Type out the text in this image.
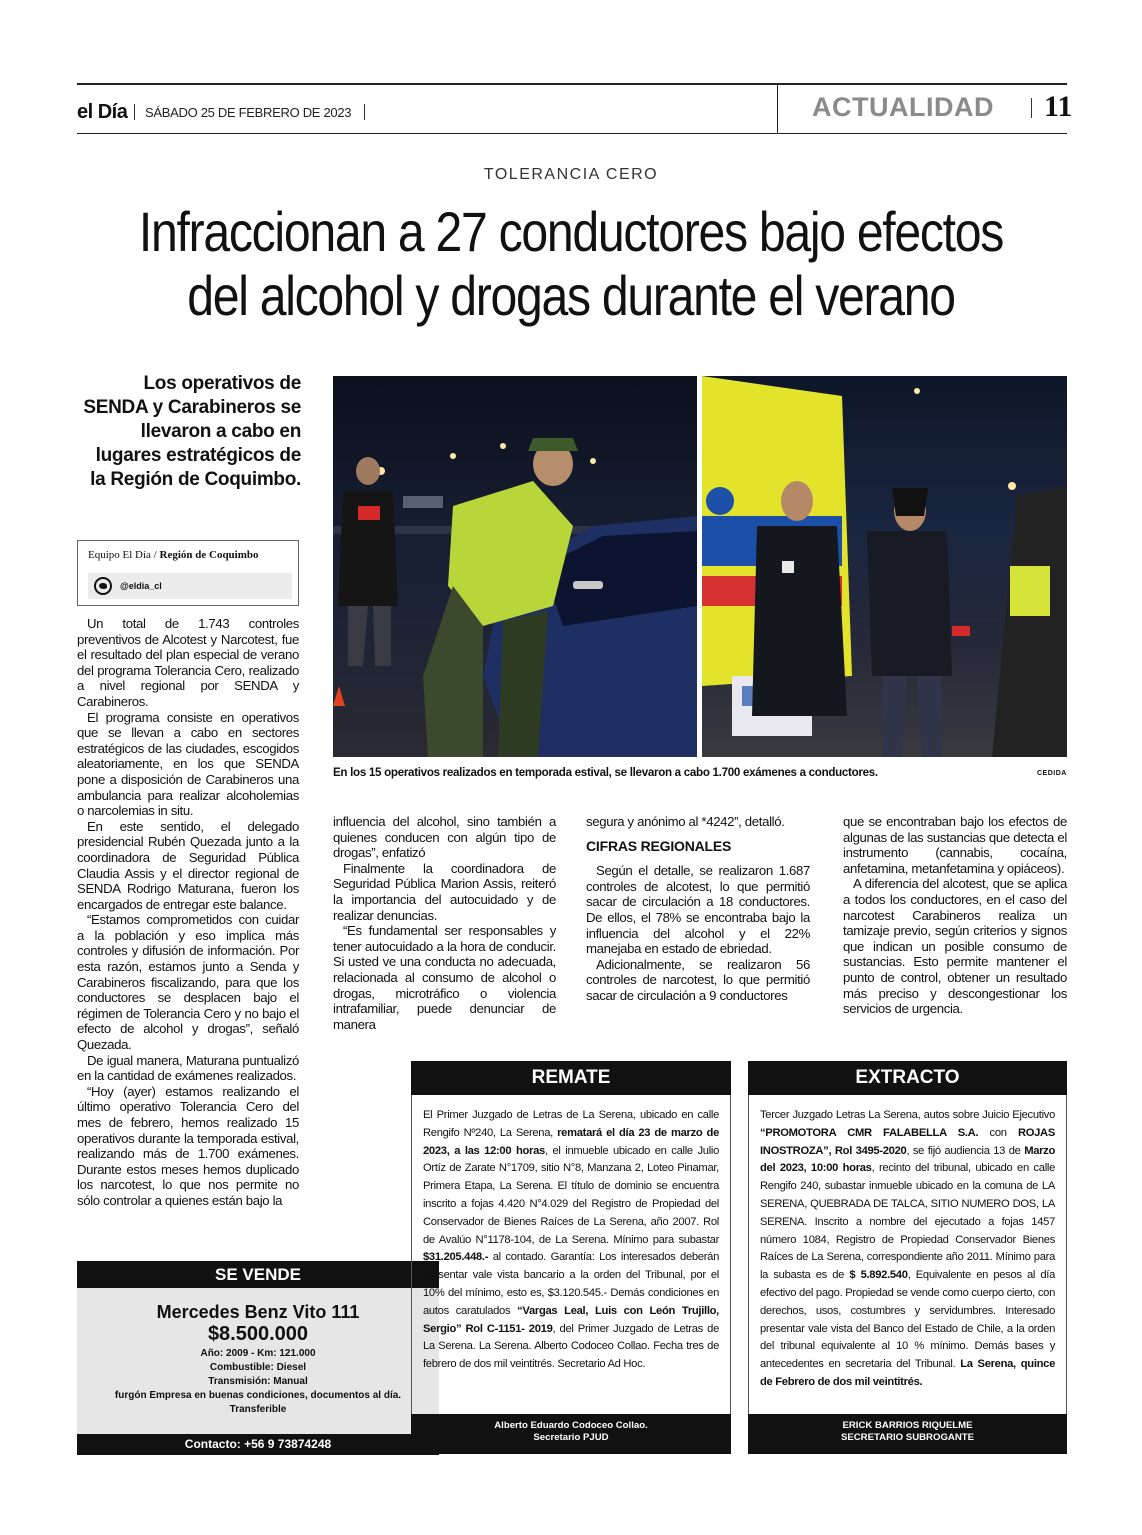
el Día SÁBADO 25 DE FEBRERO DE 2023	ACTUALIDAD 11
TOLERANCIA CERO
Infraccionan a 27 conductores bajo efectos
del alcohol y drogas durante el verano
Los operativos de SENDA y Carabineros se llevaron a cabo en lugares estratégicos de la Región de Coquimbo.
Equipo El Día / Región de Coquimbo
@eldia_cl
En los 15 operativos realizados en temporada estival, se llevaron a cabo 1.700 exámenes a conductores.	CEDIDA

Un total de 1.743 controles preventivos de Alcotest y Narcotest, fue el resultado del plan especial de verano del programa Tolerancia Cero, realizado a nivel regional por SENDA y Carabineros.

El programa consiste en operativos que se llevan a cabo en sectores estratégicos de las ciudades, escogidos aleatoriamente, en los que SENDA pone a disposición de Carabineros una ambulancia para realizar alcoholemias o narcolemias in situ.

En este sentido, el delegado presidencial Rubén Quezada junto a la coordinadora de Seguridad Pública Claudia Assis y el director regional de SENDA Rodrigo Maturana, fueron los encargados de entregar este balance.

“Estamos comprometidos con cuidar a la población y eso implica más controles y difusión de información. Por esta razón, estamos junto a Senda y Carabineros fiscalizando, para que los conductores se desplacen bajo el régimen de Tolerancia Cero y no bajo el efecto de alcohol y drogas”, señaló Quezada.

De igual manera, Maturana puntualizó en la cantidad de exámenes realizados.

“Hoy (ayer) estamos realizando el último operativo Tolerancia Cero del mes de febrero, hemos realizado 15 operativos durante la temporada estival, realizando más de 1.700 exámenes. Durante estos meses hemos duplicado los narcotest, lo que nos permite no sólo controlar a quienes están bajo la

influencia del alcohol, sino también a quienes conducen con algún tipo de drogas”, enfatizó

Finalmente la coordinadora de Seguridad Pública Marion Assis, reiteró la importancia del autocuidado y de realizar denuncias.

“Es fundamental ser responsables y tener autocuidado a la hora de conducir. Si usted ve una conducta no adecuada, relacionada al consumo de alcohol o drogas, microtráfico o violencia intrafamiliar, puede denunciar de manera

segura y anónimo al *4242”, detalló.

CIFRAS REGIONALES

Según el detalle, se realizaron 1.687 controles de alcotest, lo que permitió sacar de circulación a 18 conductores. De ellos, el 78% se encontraba bajo la influencia del alcohol y el 22% manejaba en estado de ebriedad.

Adicionalmente, se realizaron 56 controles de narcotest, lo que permitió sacar de circulación a 9 conductores

que se encontraban bajo los efectos de algunas de las sustancias que detecta el instrumento (cannabis, cocaína, anfetamina, metanfetamina y opiáceos).

A diferencia del alcotest, que se aplica a todos los conductores, en el caso del narcotest Carabineros realiza un tamizaje previo, según criterios y signos que indican un posible consumo de sustancias. Esto permite mantener el punto de control, obtener un resultado más preciso y descongestionar los servicios de urgencia.

SE VENDE
Mercedes Benz Vito 111
$8.500.000
Año: 2009 - Km: 121.000
Combustible: Diesel
Transmisión: Manual
furgón Empresa en buenas condiciones, documentos al día.
Transferible
Contacto: +56 9 73874248
REMATE
El Primer Juzgado de Letras de La Serena, ubicado en calle Rengifo Nº240, La Serena, rematará el día 23 de marzo de 2023, a las 12:00 horas, el inmueble ubicado en calle Julio Ortíz de Zarate N°1709, sitio N°8, Manzana 2, Loteo Pinamar, Primera Etapa, La Serena. El título de dominio se encuentra inscrito a fojas 4.420 N°4.029 del Registro de Propiedad del Conservador de Bienes Raíces de La Serena, año 2007. Rol de Avalúo N°1178-104, de La Serena. Mínimo para subastar $31.205.448.- al contado. Garantía: Los interesados deberán presentar vale vista bancario a la orden del Tribunal, por el 10% del mínimo, esto es, $3.120.545.- Demás condiciones en autos caratulados “Vargas Leal, Luis con León Trujillo, Sergio” Rol C-1151- 2019, del Primer Juzgado de Letras de La Serena. La Serena. Alberto Codoceo Collao. Fecha tres de febrero de dos mil veintitrés. Secretario Ad Hoc.
Alberto Eduardo Codoceo Collao.
Secretario PJUD
EXTRACTO
Tercer Juzgado Letras La Serena, autos sobre Juicio Ejecutivo “PROMOTORA CMR FALABELLA S.A. con ROJAS INOSTROZA”, Rol 3495-2020, se fijó audiencia 13 de Marzo del 2023, 10:00 horas, recinto del tribunal, ubicado en calle Rengifo 240, subastar inmueble ubicado en la comuna de LA SERENA, QUEBRADA DE TALCA, SITIO NUMERO DOS, LA SERENA. Inscrito a nombre del ejecutado a fojas 1457 número 1084, Registro de Propiedad Conservador Bienes Raíces de La Serena, correspondiente año 2011. Mínimo para la subasta es de $ 5.892.540, Equivalente en pesos al día efectivo del pago. Propiedad se vende como cuerpo cierto, con derechos, usos, costumbres y servidumbres. Interesado presentar vale vista del Banco del Estado de Chile, a la orden del tribunal equivalente al 10 % mínimo. Demás bases y antecedentes en secretaria del Tribunal. La Serena, quince de Febrero de dos mil veintitrés.
ERICK BARRIOS RIQUELME
SECRETARIO SUBROGANTE
